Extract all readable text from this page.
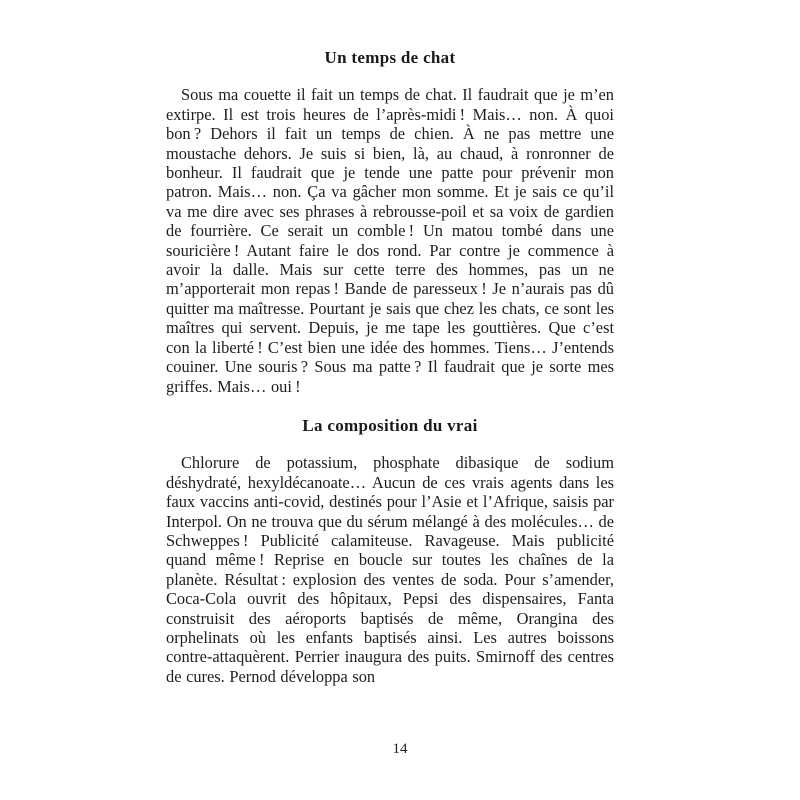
Un temps de chat

Sous ma couette il fait un temps de chat. Il faudrait que je m’en extirpe. Il est trois heures de l’après-midi ! Mais… non. À quoi bon ? Dehors il fait un temps de chien. À ne pas mettre une moustache dehors. Je suis si bien, là, au chaud, à ronronner de bonheur. Il faudrait que je tende une patte pour prévenir mon patron. Mais… non. Ça va gâcher mon somme. Et je sais ce qu’il va me dire avec ses phrases à rebrousse-poil et sa voix de gardien de fourrière. Ce serait un comble ! Un matou tombé dans une souricière ! Autant faire le dos rond. Par contre je commence à avoir la dalle. Mais sur cette terre des hommes, pas un ne m’apporterait mon repas ! Bande de paresseux ! Je n’aurais pas dû quitter ma maîtresse. Pourtant je sais que chez les chats, ce sont les maîtres qui servent. Depuis, je me tape les gouttières. Que c’est con la liberté ! C’est bien une idée des hommes. Tiens… J’entends couiner. Une souris ? Sous ma patte ? Il faudrait que je sorte mes griffes. Mais… oui !

La composition du vrai

Chlorure de potassium, phosphate dibasique de sodium déshydraté, hexyldécanoate… Aucun de ces vrais agents dans les faux vaccins anti-covid, destinés pour l’Asie et l’Afrique, saisis par Interpol. On ne trouva que du sérum mélangé à des molécules… de Schweppes ! Publicité calamiteuse. Ravageuse. Mais publicité quand même ! Reprise en boucle sur toutes les chaînes de la planète. Résultat : explosion des ventes de soda. Pour s’amender, Coca-Cola ouvrit des hôpitaux, Pepsi des dispensaires, Fanta construisit des aéroports baptisés de même, Orangina des orphelinats où les enfants baptisés ainsi. Les autres boissons contre-attaquèrent. Perrier inaugura des puits. Smirnoff des centres de cures. Pernod développa son

14
